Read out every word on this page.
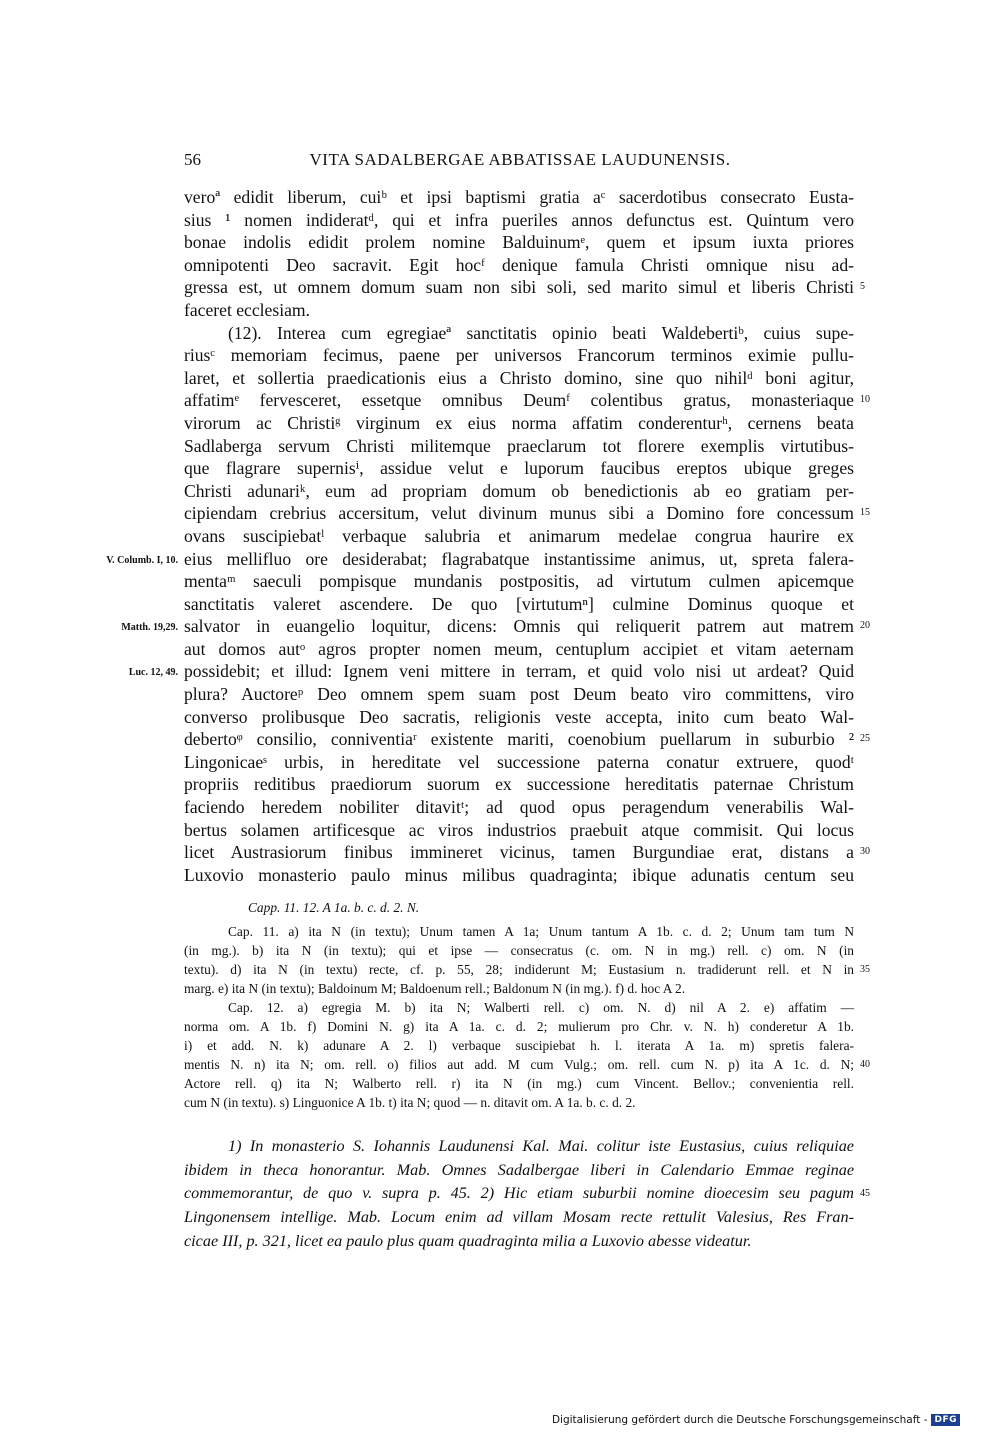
56	VITA SADALBERGAE ABBATISSAE LAUDUNENSIS.
veroª edidit liberum, cuiᵇ et ipsi baptismi gratia aᶜ sacerdotibus consecrato Eusta-
sius ¹ nomen indideratᵈ, qui et infra pueriles annos defunctus est. Quintum vero
bonae indolis edidit prolem nomine Balduinumᵉ, quem et ipsum iuxta priores
omnipotenti Deo sacravit. Egit hocᶠ denique famula Christi omnique nisu ad-
gressa est, ut omnem domum suam non sibi soli, sed marito simul et liberis Christi 5
faceret ecclesiam.
(12). Interea cum egregiaeª sanctitatis opinio beati Waldebertiᵇ, cuius supe-
riusᶜ memoriam fecimus, paene per universos Francorum terminos eximie pullu-
laret, et sollertia praedicationis eius a Christo domino, sine quo nihilᵈ boni agitur,
affatimᵉ fervesceret, essetque omnibus Deumᶠ colentibus gratus, monasteriaque 10
virorum ac Christiᵍ virginum ex eius norma affatim conderenturʰ, cernens beata
Sadlaberga servum Christi militemque praeclarum tot florere exemplis virtutibus-
que flagrare supernisⁱ, assidue velut e luporum faucibus ereptos ubique greges
Christi adunariᵏ, eum ad propriam domum ob benedictionis ab eo gratiam per-
cipiendam crebrius accersitum, velut divinum munus sibi a Domino fore concessum 15
ovans suscipiebatˡ verbaque salubria et animarum medelae congrua haurire ex
eius mellifluo ore desiderabat; flagrabatque instantissime animus, ut, spreta falera-
V. Columb. I, 10.
mentaᵐ saeculi pompisque mundanis postpositis, ad virtutum culmen apicemque
sanctitatis valeret ascendere. De quo [virtutumⁿ] culmine Dominus quoque et
salvator in euangelio loquitur, dicens: Omnis qui reliquerit patrem aut matrem 20
Matth. 19,29.
aut domos autᵒ agros propter nomen meum, centuplum accipiet et vitam aeternam
possidebit; et illud: Ignem veni mittere in terram, et quid volo nisi ut ardeat? Quid
Luc. 12, 49.
plura? Auctoreᵖ Deo omnem spem suam post Deum beato viro committens, viro
converso prolibusque Deo sacratis, religionis veste accepta, inito cum beato Wal-
debertoᵠ consilio, conniventiaʳ existente mariti, coenobium puellarum in suburbio ² 25
Lingonicaeˢ urbis, in hereditate vel successione paterna conatur extruere, quodᵗ
propriis reditibus praediorum suorum ex successione hereditatis paternae Christum
faciendo heredem nobiliter ditavitᵗ; ad quod opus peragendum venerabilis Wal-
bertus solamen artificesque ac viros industrios praebuit atque commisit. Qui locus
licet Austrasiorum finibus immineret vicinus, tamen Burgundiae erat, distans a 30
Luxovio monasterio paulo minus milibus quadraginta; ibique adunatis centum seu
Capp. 11. 12. A 1a. b. c. d. 2. N.
Cap. 11. a) ita N (in textu); Unum tamen A 1a; Unum tantum A 1b. c. d. 2; Unum tam tum N
(in mg.). b) ita N (in textu); qui et ipse — consecratus (c. om. N in mg.) rell. c) om. N (in
textu). d) ita N (in textu) recte, cf. p. 55, 28; indiderunt M; Eustasium n. tradiderunt rell. et N in 35
marg. e) ita N (in textu); Baldoinum M; Baldoenum rell.; Baldonum N (in mg.). f) d. hoc A 2.
Cap. 12. a) egregia M. b) ita N; Walberti rell. c) om. N. d) nil A 2. e) affatim —
norma om. A 1b. f) Domini N. g) ita A 1a. c. d. 2; mulierum pro Chr. v. N. h) conderetur A 1b.
i) et add. N. k) adunare A 2. l) verbaque suscipiebat h. l. iterata A 1a. m) spretis falera-
mentis N. n) ita N; om. rell. o) filios aut add. M cum Vulg.; om. rell. cum N. p) ita A 1c. d. N; 40
Actore rell. q) ita N; Walberto rell. r) ita N (in mg.) cum Vincent. Bellov.; convenientia rell.
cum N (in textu). s) Linguonice A 1b. t) ita N; quod — n. ditavit om. A 1a. b. c. d. 2.
1) In monasterio S. Iohannis Laudunensi Kal. Mai. colitur iste Eustasius, cuius reliquiae
ibidem in theca honorantur. Mab. Omnes Sadalbergae liberi in Calendario Emmae reginae
commemorantur, de quo v. supra p. 45. 2) Hic etiam suburbii nomine dioecesim seu pagum 45
Lingonensem intellige. Mab. Locum enim ad villam Mosam recte rettulit Valesius, Res Fran-
cicae III, p. 321, licet ea paulo plus quam quadraginta milia a Luxovio abesse videatur.
Digitalisierung gefördert durch die Deutsche Forschungsgemeinschaft - DFG
